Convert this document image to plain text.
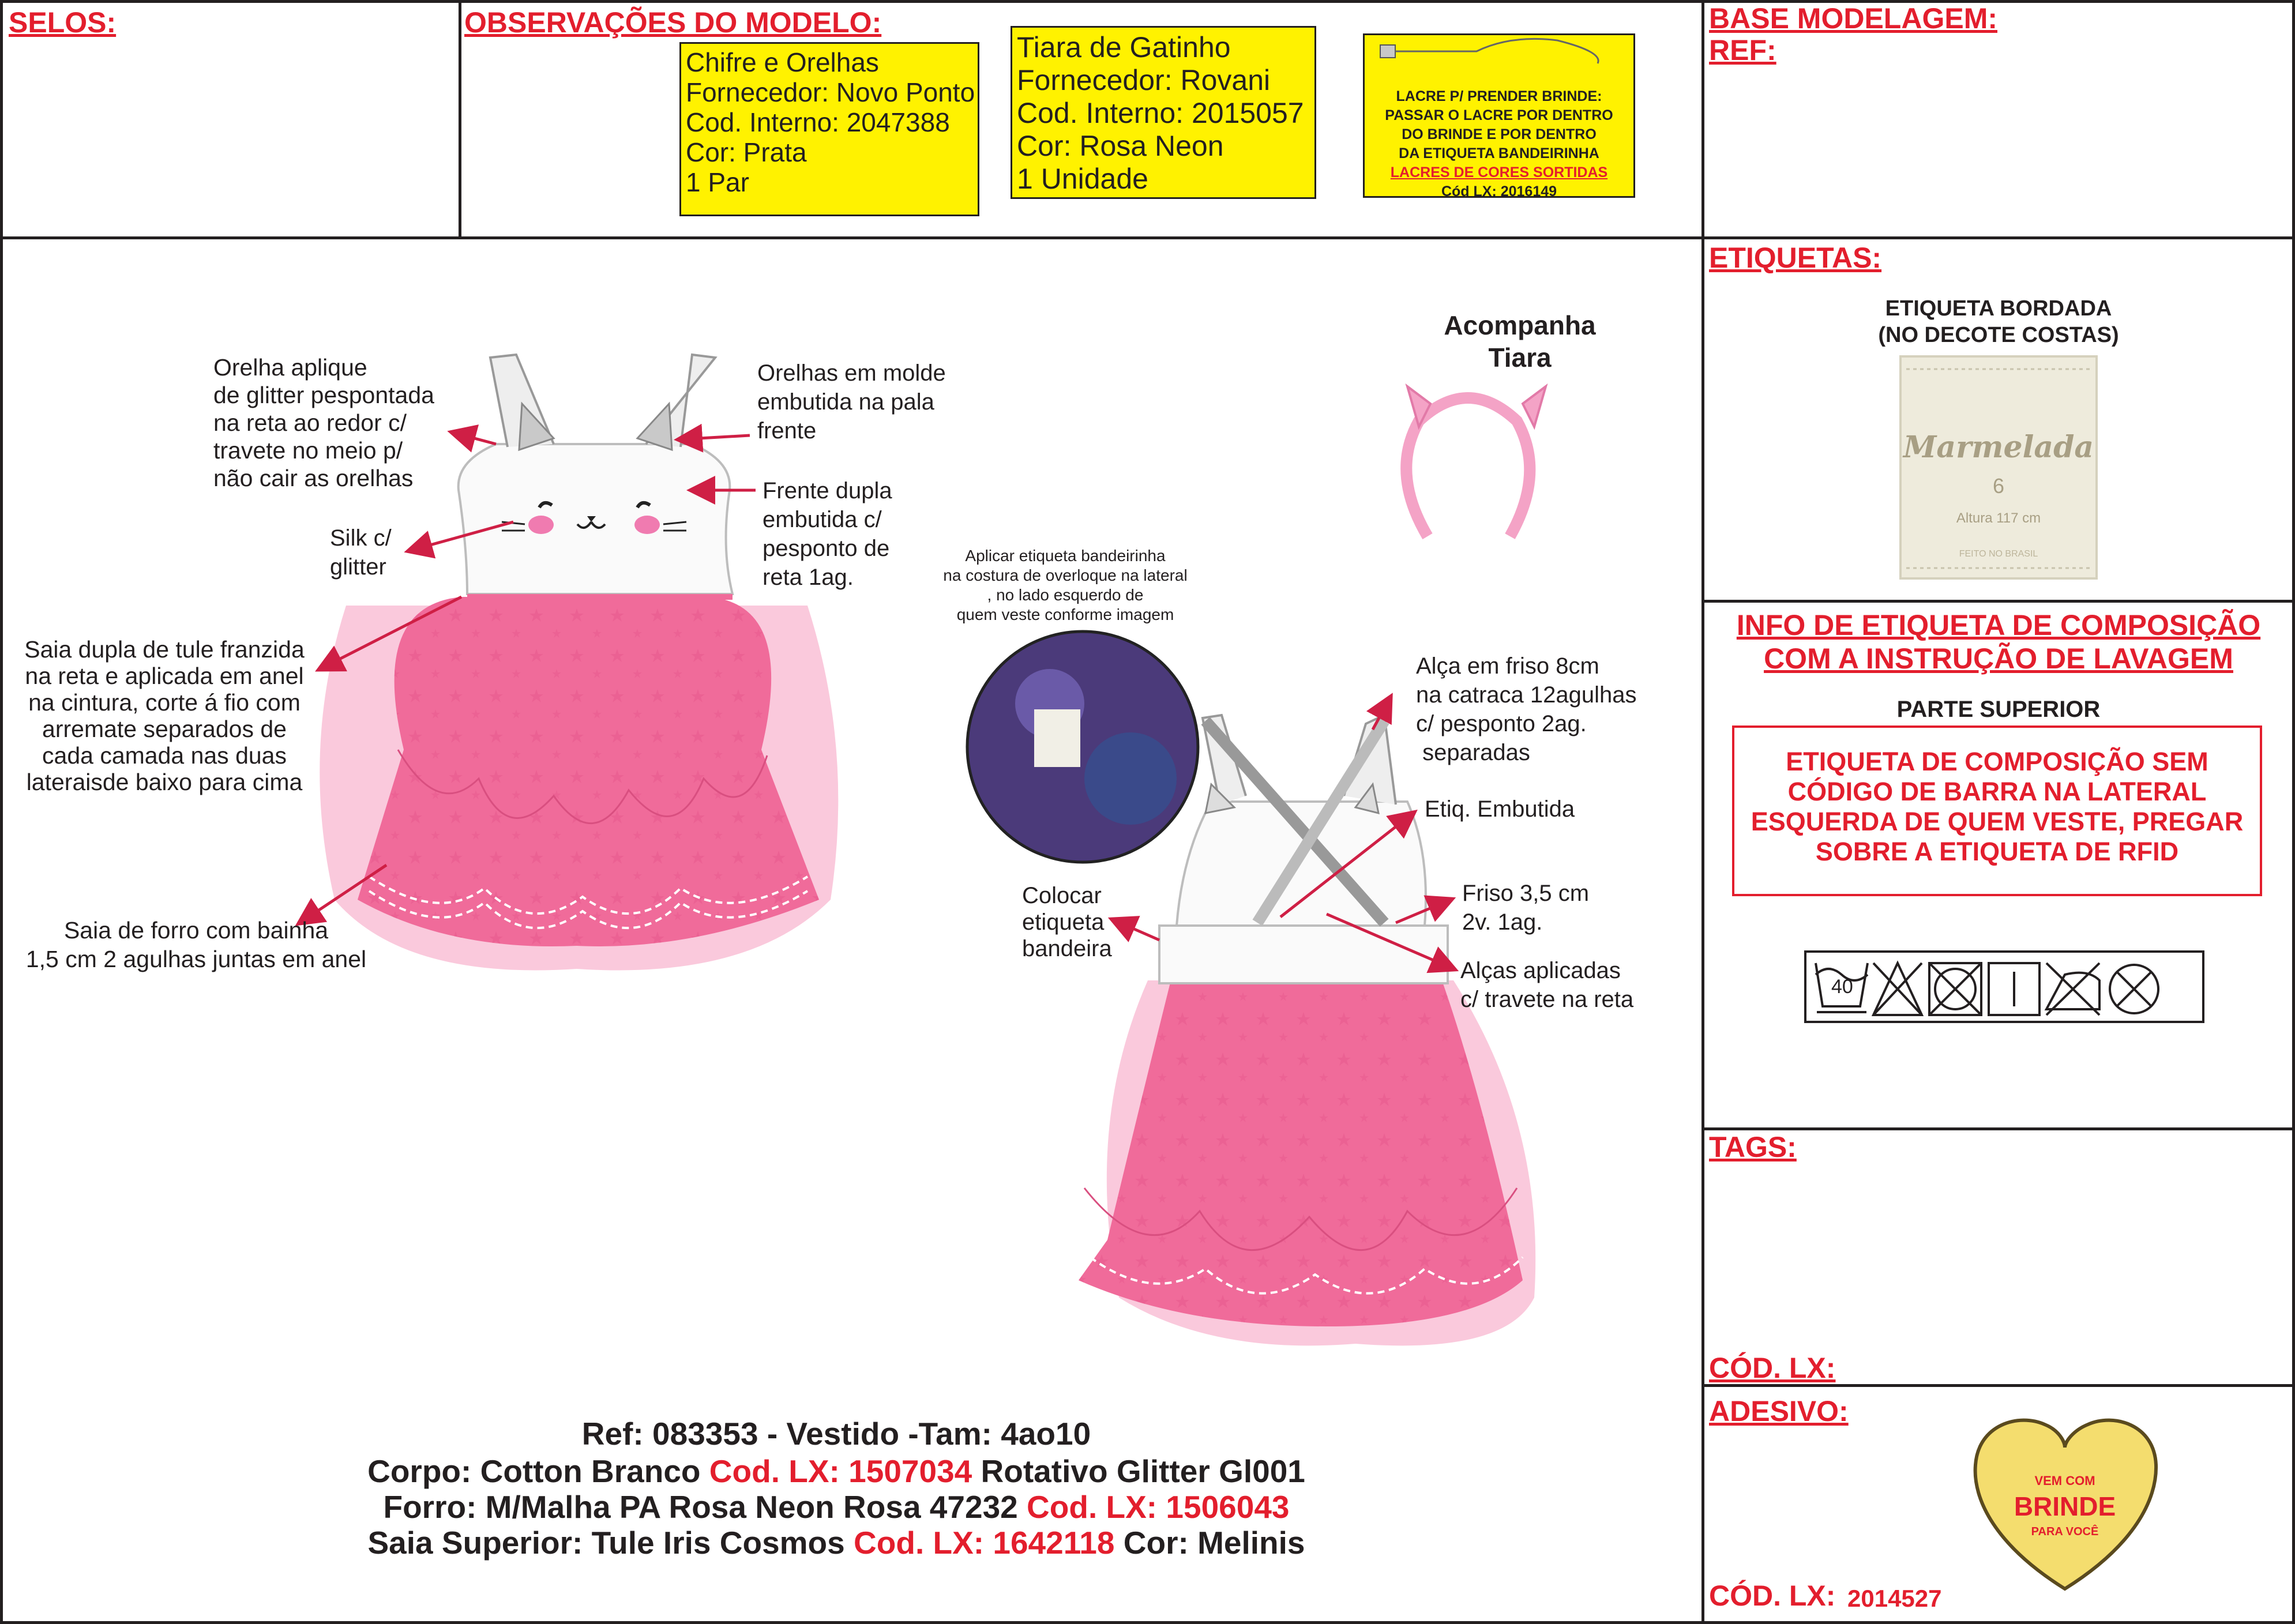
SELOS:	OBSERVAÇÕES DO MODELO:	BASE MODELAGEM:
REF:
Chifre e Orelhas
Fornecedor: Novo Ponto
Cod. Interno: 2047388
Cor: Prata
1 Par
Tiara de Gatinho
Fornecedor: Rovani
Cod. Interno: 2015057
Cor: Rosa Neon
1 Unidade
LACRE P/ PRENDER BRINDE:
PASSAR O LACRE POR DENTRO
DO BRINDE E POR DENTRO
DA ETIQUETA BANDEIRINHA
LACRES DE CORES SORTIDAS
Cód LX: 2016149
40
Orelha aplique
de glitter pespontada
na reta ao redor c/
travete no meio p/
não cair as orelhas
Silk c/
glitter
Saia dupla de tule franzida
na reta e aplicada em anel
na cintura, corte á fio com
arremate separados de
cada camada nas duas
lateraisde baixo para cima
Saia de forro com bainha
1,5 cm 2 agulhas juntas em anel
Orelhas em molde
embutida na pala
frente
Frente dupla
embutida c/
pesponto de
reta 1ag.
Acompanha
Tiara
Aplicar etiqueta bandeirinha
na costura de overloque na lateral
, no lado esquerdo de
quem veste conforme imagem
Alça em friso 8cm
na catraca 12agulhas
c/ pesponto 2ag.
separadas
Etiq. Embutida
Friso 3,5 cm
2v. 1ag.
Alças aplicadas
c/ travete na reta
Colocar
etiqueta
bandeira
ETIQUETAS:
ETIQUETA BORDADA
(NO DECOTE COSTAS)
Marmelada
6
Altura 117 cm
FEITO NO BRASIL
INFO DE ETIQUETA DE COMPOSIÇÃO
COM A INSTRUÇÃO DE LAVAGEM
PARTE SUPERIOR
ETIQUETA DE COMPOSIÇÃO SEM
CÓDIGO DE BARRA NA LATERAL
ESQUERDA DE QUEM VESTE, PREGAR
SOBRE A ETIQUETA DE RFID
TAGS:
CÓD. LX:
ADESIVO:
VEM COM
BRINDE
PARA VOCÊ
CÓD. LX: 2014527
Ref: 083353 - Vestido -Tam: 4ao10
Corpo: Cotton Branco Cod. LX: 1507034 Rotativo Glitter Gl001
Forro: M/Malha PA Rosa Neon Rosa 47232 Cod. LX: 1506043
Saia Superior: Tule Iris Cosmos Cod. LX: 1642118 Cor: Melinis
